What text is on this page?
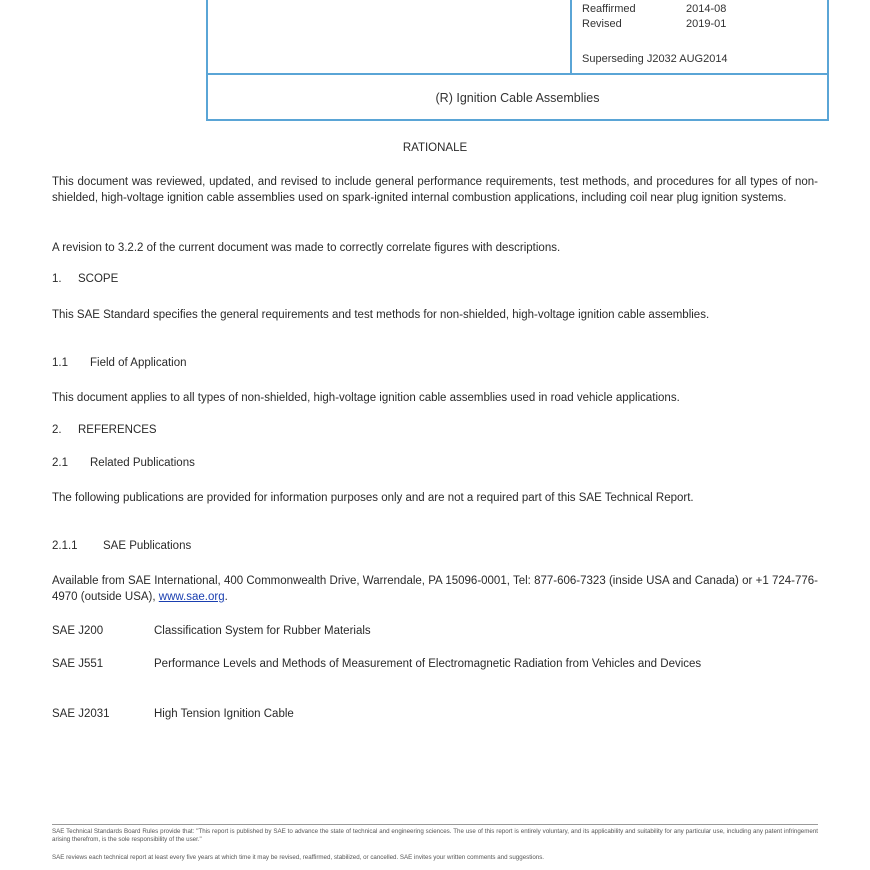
Reaffirmed	2014-08
Revised	2019-01
Superseding J2032 AUG2014
(R) Ignition Cable Assemblies
RATIONALE
This document was reviewed, updated, and revised to include general performance requirements, test methods, and procedures for all types of non-shielded, high-voltage ignition cable assemblies used on spark-ignited internal combustion applications, including coil near plug ignition systems.
A revision to 3.2.2 of the current document was made to correctly correlate figures with descriptions.
1. SCOPE
This SAE Standard specifies the general requirements and test methods for non-shielded, high-voltage ignition cable assemblies.
1.1 Field of Application
This document applies to all types of non-shielded, high-voltage ignition cable assemblies used in road vehicle applications.
2. REFERENCES
2.1 Related Publications
The following publications are provided for information purposes only and are not a required part of this SAE Technical Report.
2.1.1 SAE Publications
Available from SAE International, 400 Commonwealth Drive, Warrendale, PA 15096-0001, Tel: 877-606-7323 (inside USA and Canada) or +1 724-776-4970 (outside USA), www.sae.org.
SAE J200	Classification System for Rubber Materials
SAE J551	Performance Levels and Methods of Measurement of Electromagnetic Radiation from Vehicles and Devices
SAE J2031	High Tension Ignition Cable
SAE Technical Standards Board Rules provide that: "This report is published by SAE to advance the state of technical and engineering sciences. The use of this report is entirely voluntary, and its applicability and suitability for any particular use, including any patent infringement arising therefrom, is the sole responsibility of the user."
SAE reviews each technical report at least every five years at which time it may be revised, reaffirmed, stabilized, or cancelled. SAE invites your written comments and suggestions.
